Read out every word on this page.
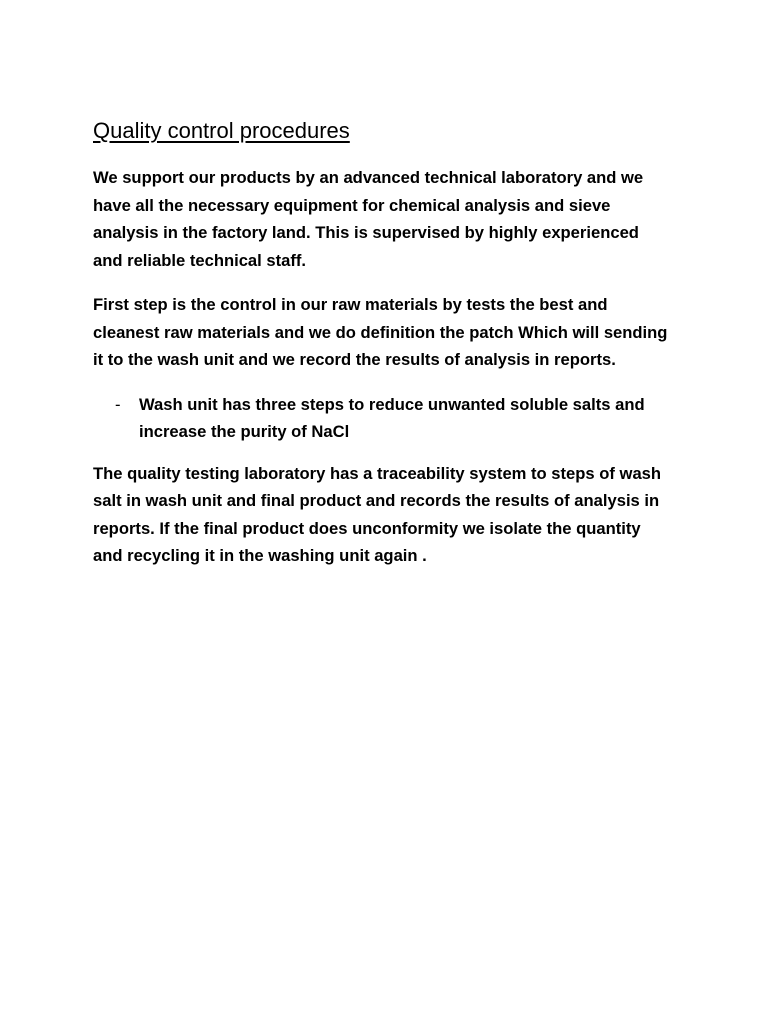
Quality control procedures

We support our products by an advanced technical laboratory and we have all the necessary equipment for chemical analysis and sieve analysis in the factory land. This is supervised by highly experienced and reliable technical staff.

First step is the control in our raw materials by tests the best and cleanest raw materials and we do definition the patch Which will sending it to the wash unit and we record the results of analysis in reports.

- Wash unit has three steps to reduce unwanted soluble salts and increase the purity of NaCl

The quality testing laboratory has a traceability system to steps of wash salt in wash unit and final product and records the results of analysis in reports. If the final product does unconformity we isolate the quantity and recycling it in the washing unit again .
